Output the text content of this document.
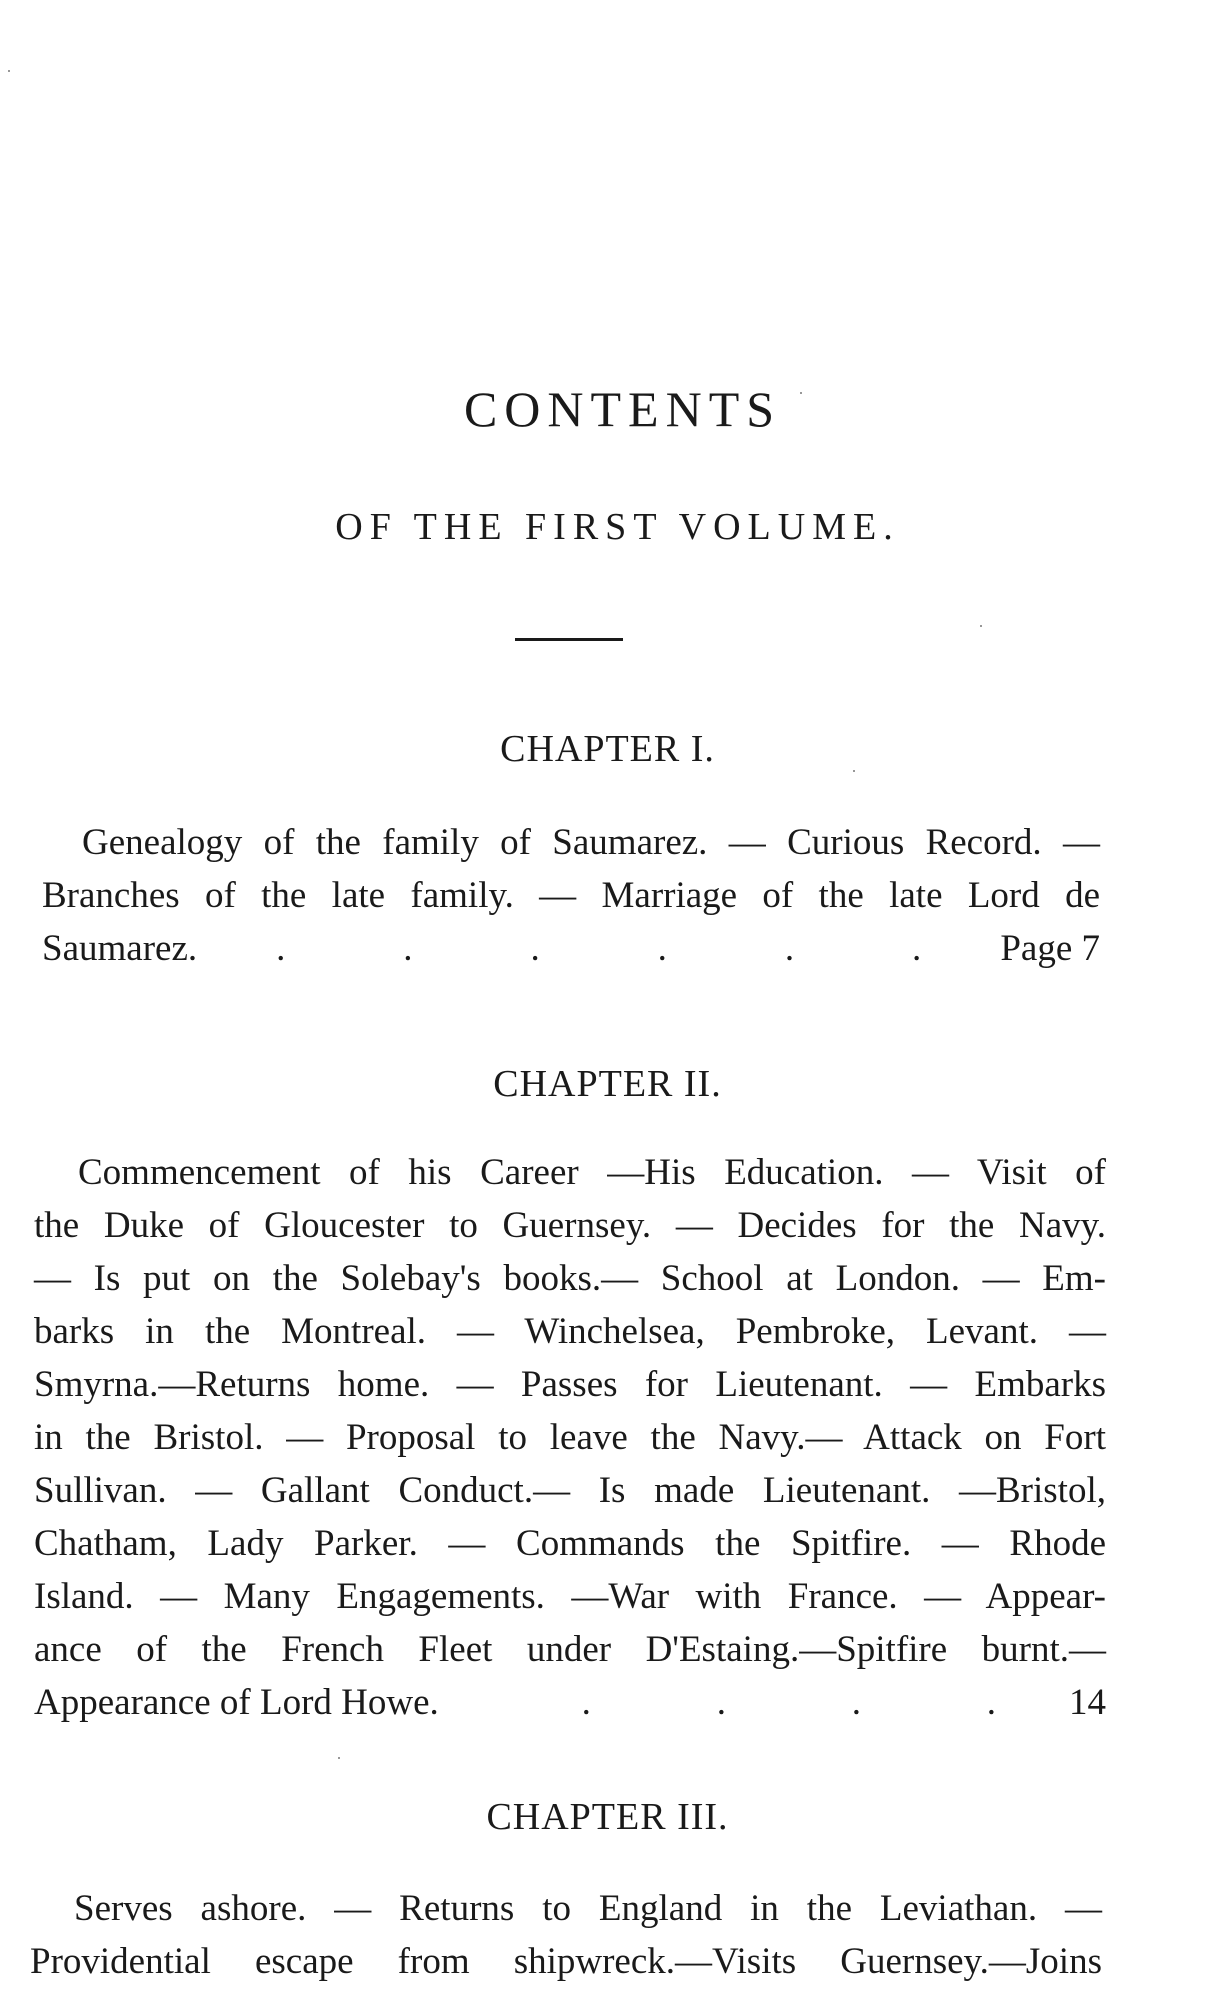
CONTENTS
OF THE FIRST VOLUME.
CHAPTER I.
Genealogy of the family of Saumarez. — Curious Record. —
Branches of the late family. — Marriage of the late Lord de
Saumarez. .	.	.	.	.	. Page 7
CHAPTER II.
Commencement of his Career —His Education. — Visit of
the Duke of Gloucester to Guernsey. — Decides for the Navy.
— Is put on the Solebay's books.— School at London. — Em-
barks in the Montreal. — Winchelsea, Pembroke, Levant. —
Smyrna.—Returns home. — Passes for Lieutenant. — Embarks
in the Bristol. — Proposal to leave the Navy.— Attack on Fort
Sullivan. — Gallant Conduct.— Is made Lieutenant. —Bristol,
Chatham, Lady Parker. — Commands the Spitfire. — Rhode
Island. — Many Engagements. —War with France. — Appear-
ance of the French Fleet under D'Estaing.—Spitfire burnt.—
Appearance of Lord Howe.	.	.	.	. 14
CHAPTER III.
Serves ashore. — Returns to England in the Leviathan. —
Providential escape from shipwreck.—Visits Guernsey.—Joins
